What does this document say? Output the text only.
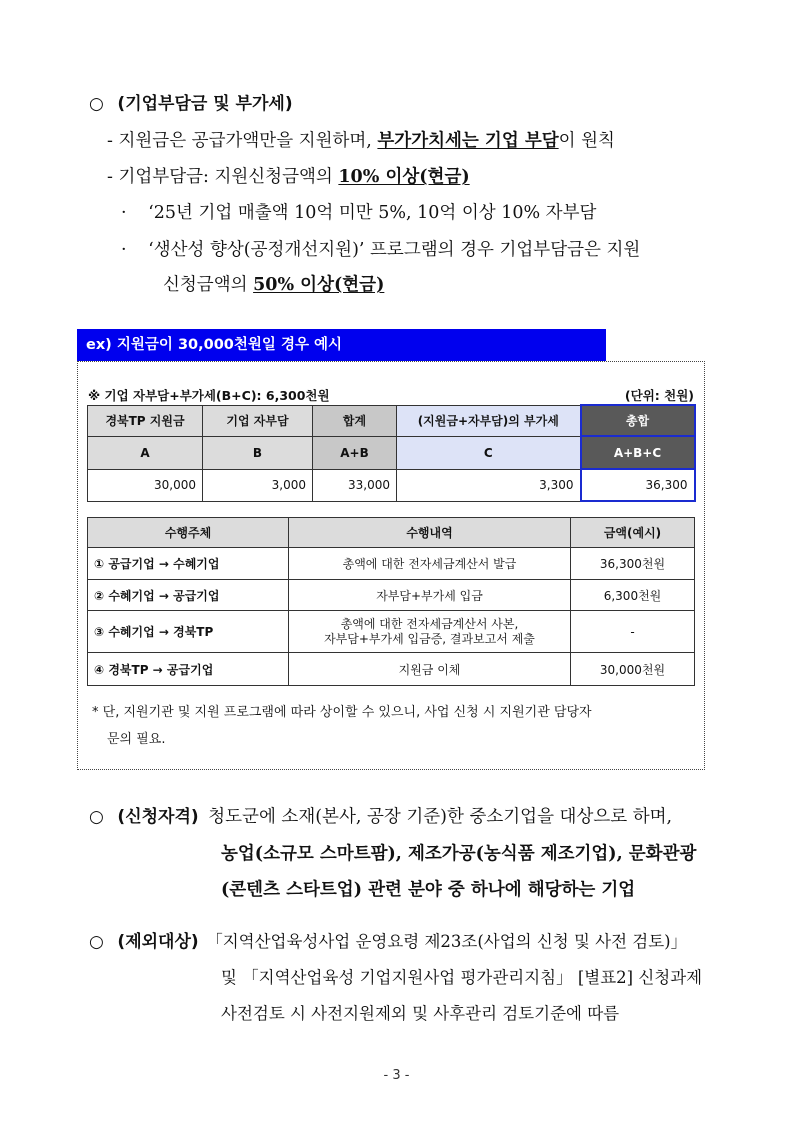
○ (기업부담금 및 부가세)
- 지원금은 공급가액만을 지원하며, 부가가치세는 기업 부담이 원칙
- 기업부담금: 지원신청금액의 10% 이상(현금)
· ‘25년 기업 매출액 10억 미만 5%, 10억 이상 10% 자부담
· ‘생산성 향상(공정개선지원)’ 프로그램의 경우 기업부담금은 지원
신청금액의 50% 이상(현금)
ex) 지원금이 30,000천원일 경우 예시
※ 기업 자부담+부가세(B+C): 6,300천원	(단위: 천원)
경북TP 지원금	기업 자부담	합계	(지원금+자부담)의 부가세	총합
A	B	A+B	C	A+B+C
30,000	3,000	33,000	3,300	36,300
수행주체	수행내역	금액(예시)
① 공급기업 → 수혜기업	총액에 대한 전자세금계산서 발급	36,300천원
② 수혜기업 → 공급기업	자부담+부가세 입금	6,300천원
③ 수혜기업 → 경북TP	총액에 대한 전자세금계산서 사본,
자부담+부가세 입금증, 결과보고서 제출	-
④ 경북TP → 공급기업	지원금 이체	30,000천원
* 단, 지원기관 및 지원 프로그램에 따라 상이할 수 있으니, 사업 신청 시 지원기관 담당자
문의 필요.
○ (신청자격) 청도군에 소재(본사, 공장 기준)한 중소기업을 대상으로 하며,
농업(소규모 스마트팜), 제조가공(농식품 제조기업), 문화관광
(콘텐츠 스타트업) 관련 분야 중 하나에 해당하는 기업
○ (제외대상) 「지역산업육성사업 운영요령 제23조(사업의 신청 및 사전 검토)」
및 「지역산업육성 기업지원사업 평가관리지침」 [별표2] 신청과제
사전검토 시 사전지원제외 및 사후관리 검토기준에 따름
- 3 -
